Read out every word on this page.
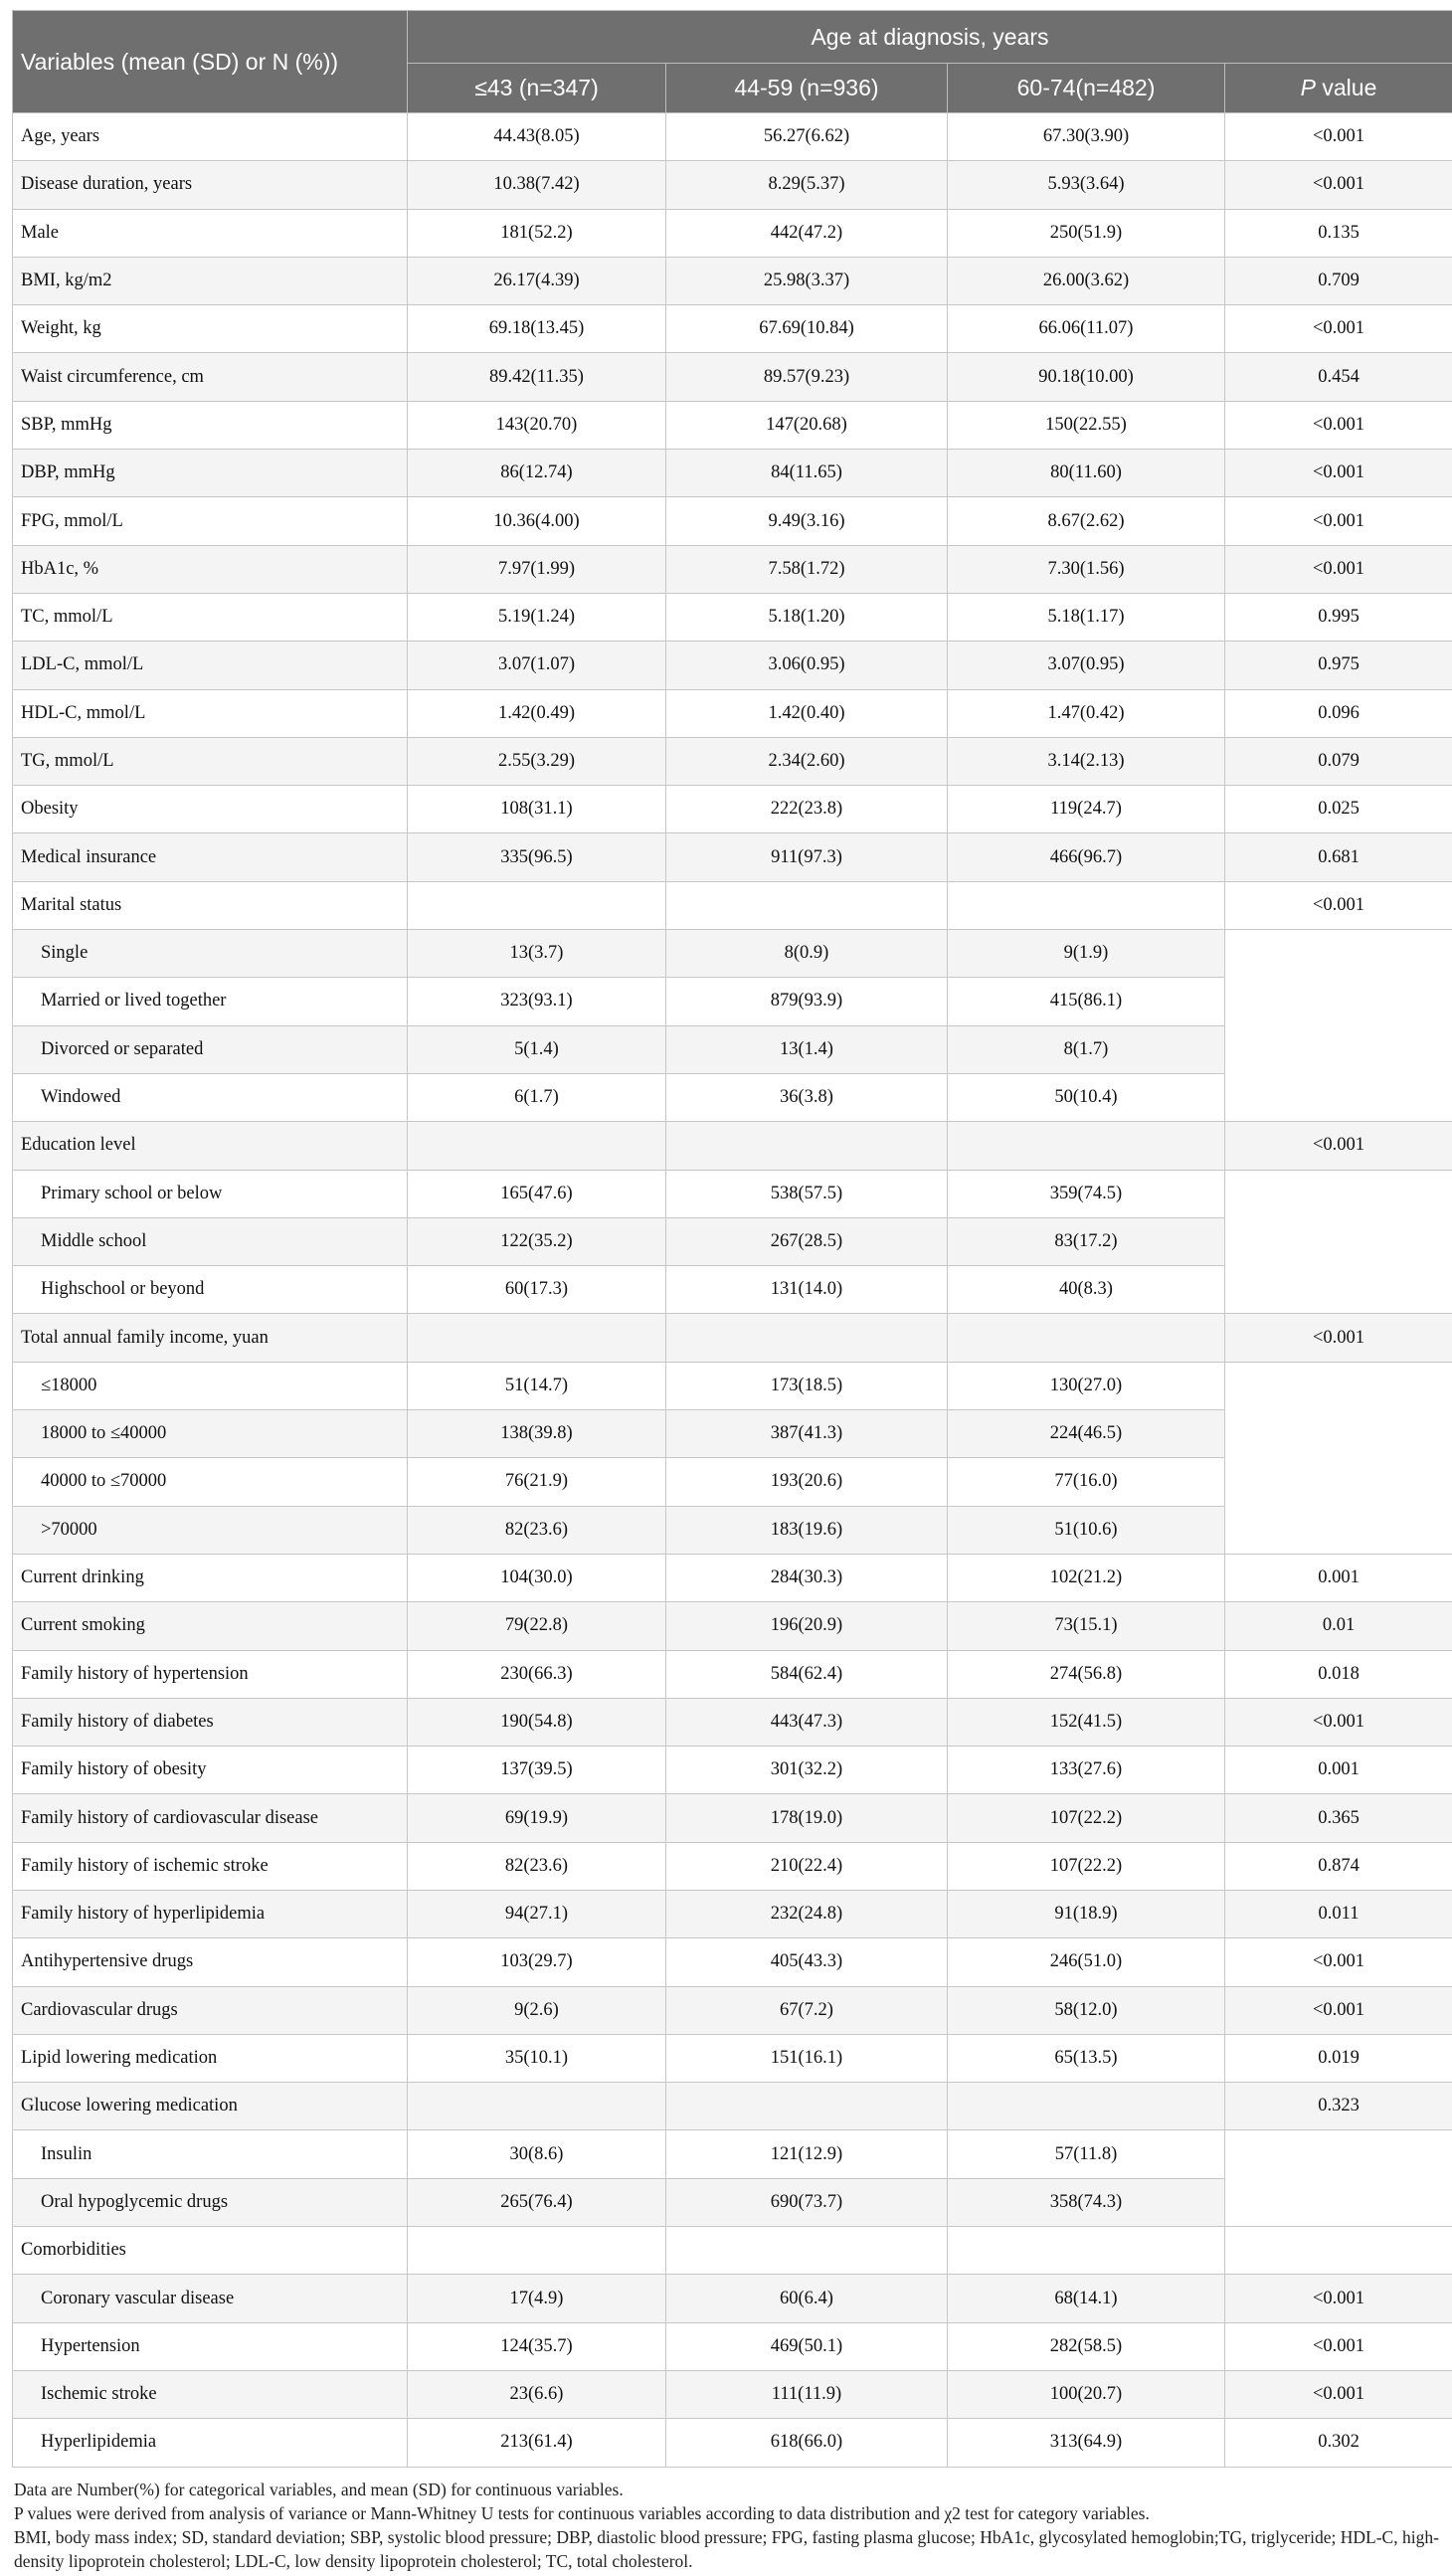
Variables (mean (SD) or N (%))	Age at diagnosis, years			
	≤43 (n=347)	44-59 (n=936)	60-74(n=482)	P value
Age, years	44.43(8.05)	56.27(6.62)	67.30(3.90)	<0.001
Disease duration, years	10.38(7.42)	8.29(5.37)	5.93(3.64)	<0.001
Male	181(52.2)	442(47.2)	250(51.9)	0.135
BMI, kg/m2	26.17(4.39)	25.98(3.37)	26.00(3.62)	0.709
Weight, kg	69.18(13.45)	67.69(10.84)	66.06(11.07)	<0.001
Waist circumference, cm	89.42(11.35)	89.57(9.23)	90.18(10.00)	0.454
SBP, mmHg	143(20.70)	147(20.68)	150(22.55)	<0.001
DBP, mmHg	86(12.74)	84(11.65)	80(11.60)	<0.001
FPG, mmol/L	10.36(4.00)	9.49(3.16)	8.67(2.62)	<0.001
HbA1c, %	7.97(1.99)	7.58(1.72)	7.30(1.56)	<0.001
TC, mmol/L	5.19(1.24)	5.18(1.20)	5.18(1.17)	0.995
LDL-C, mmol/L	3.07(1.07)	3.06(0.95)	3.07(0.95)	0.975
HDL-C, mmol/L	1.42(0.49)	1.42(0.40)	1.47(0.42)	0.096
TG, mmol/L	2.55(3.29)	2.34(2.60)	3.14(2.13)	0.079
Obesity	108(31.1)	222(23.8)	119(24.7)	0.025
Medical insurance	335(96.5)	911(97.3)	466(96.7)	0.681
Marital status				<0.001
Single	13(3.7)	8(0.9)	9(1.9)	
Married or lived together	323(93.1)	879(93.9)	415(86.1)	
Divorced or separated	5(1.4)	13(1.4)	8(1.7)	
Windowed	6(1.7)	36(3.8)	50(10.4)	
Education level				<0.001
Primary school or below	165(47.6)	538(57.5)	359(74.5)	
Middle school	122(35.2)	267(28.5)	83(17.2)	
Highschool or beyond	60(17.3)	131(14.0)	40(8.3)	
Total annual family income, yuan				<0.001
≤18000	51(14.7)	173(18.5)	130(27.0)	
18000 to ≤40000	138(39.8)	387(41.3)	224(46.5)	
40000 to ≤70000	76(21.9)	193(20.6)	77(16.0)	
>70000	82(23.6)	183(19.6)	51(10.6)	
Current drinking	104(30.0)	284(30.3)	102(21.2)	0.001
Current smoking	79(22.8)	196(20.9)	73(15.1)	0.01
Family history of hypertension	230(66.3)	584(62.4)	274(56.8)	0.018
Family history of diabetes	190(54.8)	443(47.3)	152(41.5)	<0.001
Family history of obesity	137(39.5)	301(32.2)	133(27.6)	0.001
Family history of cardiovascular disease	69(19.9)	178(19.0)	107(22.2)	0.365
Family history of ischemic stroke	82(23.6)	210(22.4)	107(22.2)	0.874
Family history of hyperlipidemia	94(27.1)	232(24.8)	91(18.9)	0.011
Antihypertensive drugs	103(29.7)	405(43.3)	246(51.0)	<0.001
Cardiovascular drugs	9(2.6)	67(7.2)	58(12.0)	<0.001
Lipid lowering medication	35(10.1)	151(16.1)	65(13.5)	0.019
Glucose lowering medication				0.323
Insulin	30(8.6)	121(12.9)	57(11.8)	
Oral hypoglycemic drugs	265(76.4)	690(73.7)	358(74.3)	
Comorbidities				
Coronary vascular disease	17(4.9)	60(6.4)	68(14.1)	<0.001
Hypertension	124(35.7)	469(50.1)	282(58.5)	<0.001
Ischemic stroke	23(6.6)	111(11.9)	100(20.7)	<0.001
Hyperlipidemia	213(61.4)	618(66.0)	313(64.9)	0.302
Data are Number(%) for categorical variables, and mean (SD) for continuous variables.
P values were derived from analysis of variance or Mann-Whitney U tests for continuous variables according to data distribution and χ2 test for category variables.
BMI, body mass index; SD, standard deviation; SBP, systolic blood pressure; DBP, diastolic blood pressure; FPG, fasting plasma glucose; HbA1c, glycosylated hemoglobin;TG, triglyceride; HDL-C, high-density lipoprotein cholesterol; LDL-C, low density lipoprotein cholesterol; TC, total cholesterol.
